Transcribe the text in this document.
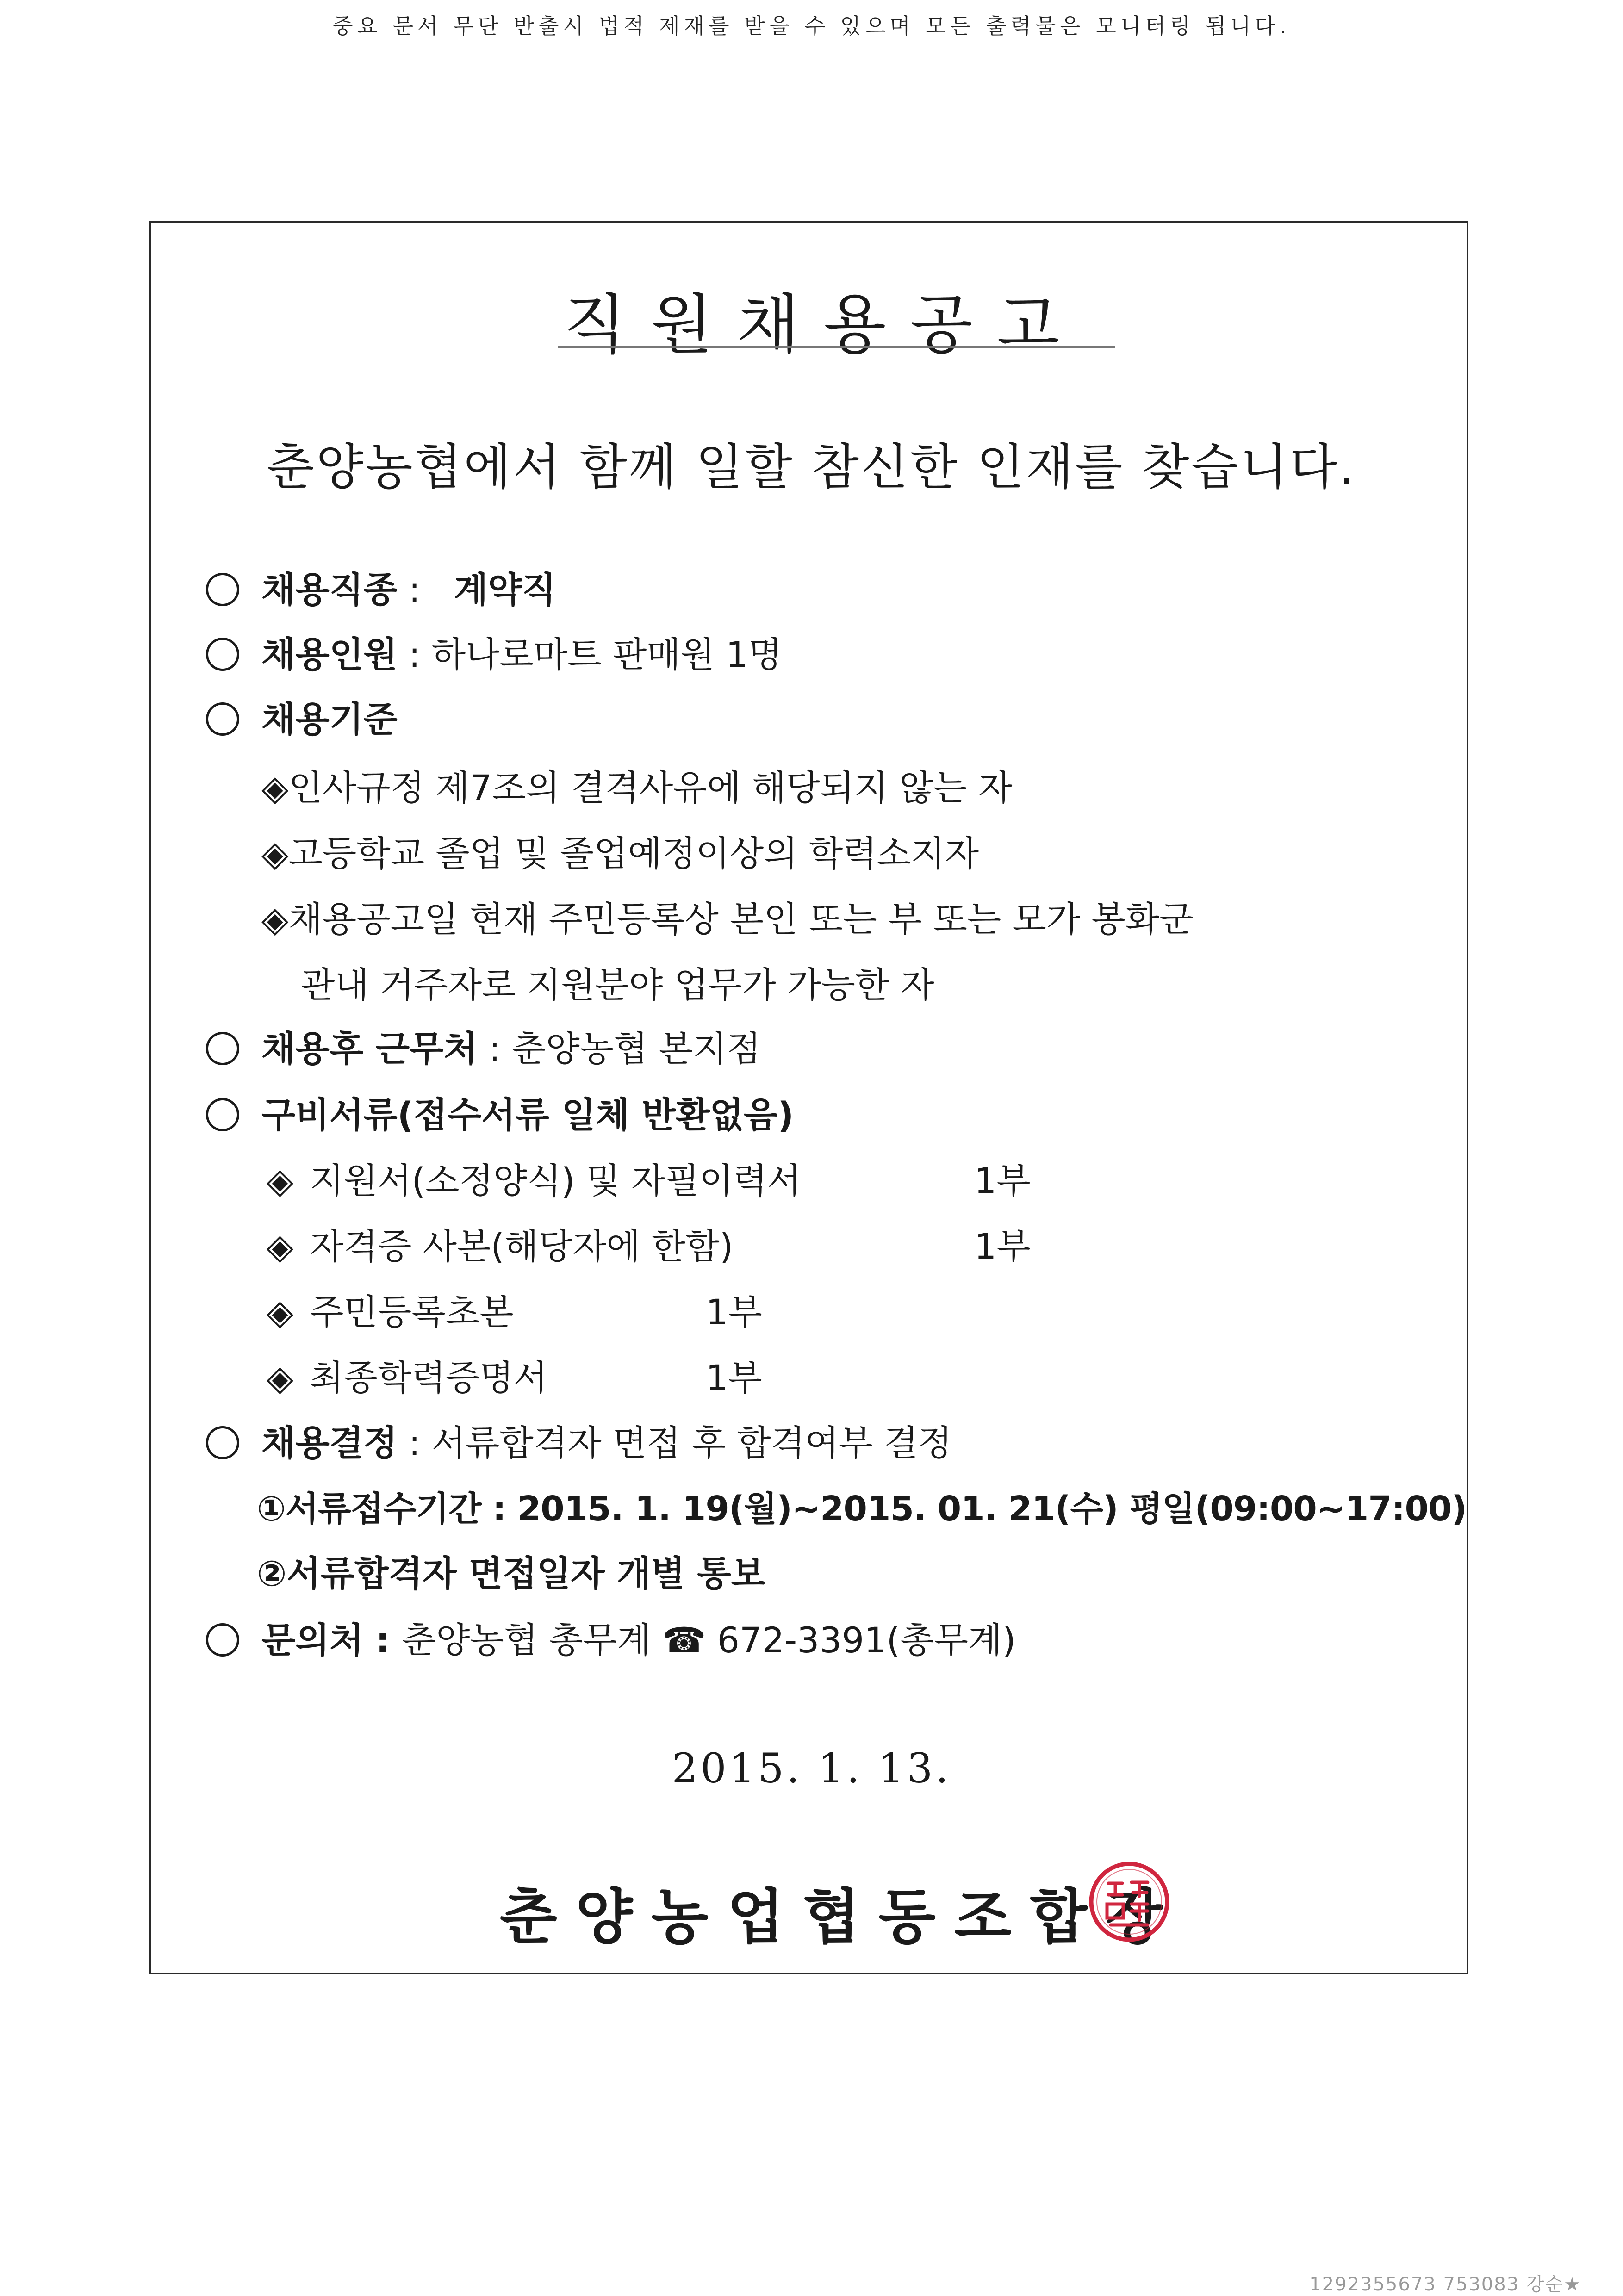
중요 문서 무단 반출시 법적 제재를 받을 수 있으며 모든 출력물은 모니터링 됩니다.
직원채용공고
춘양농협에서 함께 일할 참신한 인재를 찾습니다.
채용직종 :   계약직
채용인원 : 하나로마트 판매원 1명
채용기준
◈인사규정 제7조의 결격사유에 해당되지 않는 자
◈고등학교 졸업 및 졸업예정이상의 학력소지자
◈채용공고일 현재 주민등록상 본인 또는 부 또는 모가 봉화군
관내 거주자로 지원분야 업무가 가능한 자
채용후 근무처 : 춘양농협 본지점
구비서류(접수서류 일체 반환없음)
◈ 지원서(소정양식) 및 자필이력서	1부
◈ 자격증 사본(해당자에 한함)	1부
◈ 주민등록초본	1부
◈ 최종학력증명서	1부
채용결정 : 서류합격자 면접 후 합격여부 결정
①서류접수기간 : 2015. 1. 19(월)~2015. 01. 21(수) 평일(09:00~17:00)
②서류합격자 면접일자 개별 통보
문의처 : 춘양농협 총무계 ☎ 672-3391(총무계)
2015. 1. 13.
춘양농업협동조합장
1292355673 753083 강순★
